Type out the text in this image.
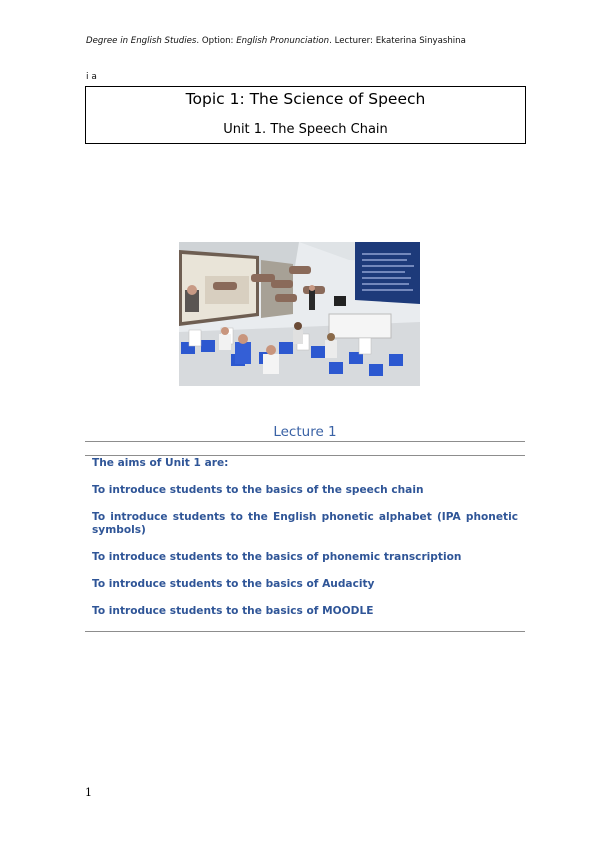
Degree in English Studies. Option: English Pronunciation. Lecturer: Ekaterina Sinyashina
i a
Topic 1: The Science of Speech
Unit 1. The Speech Chain
Lecture 1
The aims of Unit 1 are:
To introduce students to the basics of the speech chain
To introduce students to the English phonetic alphabet (IPA phonetic symbols)
To introduce students to the basics of phonemic transcription
To introduce students to the basics of Audacity
To introduce students to the basics of MOODLE
1
